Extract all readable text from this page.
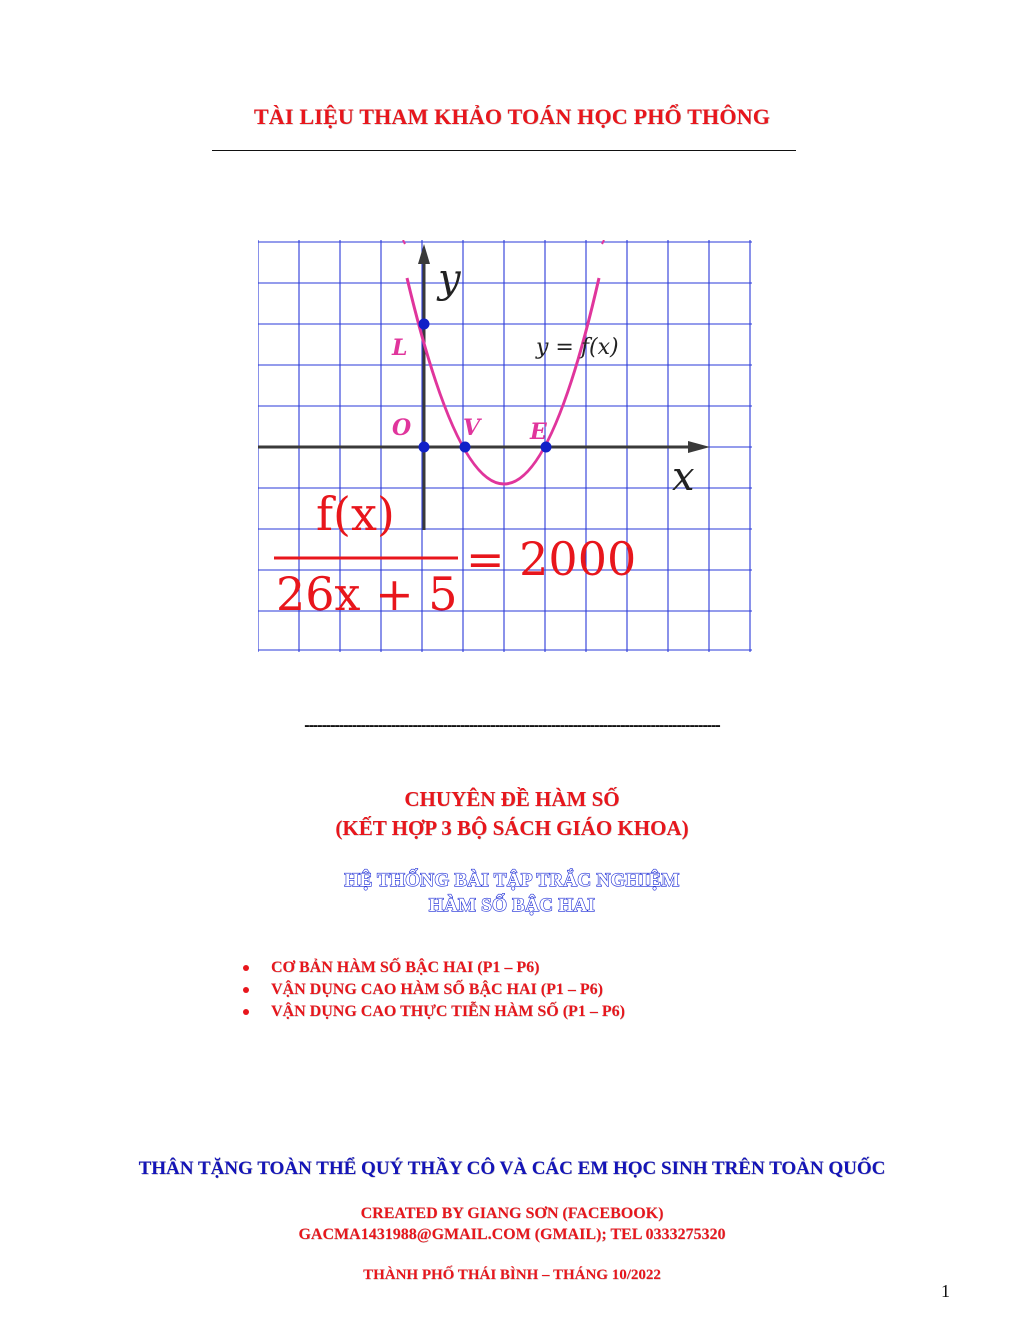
TÀI LIỆU THAM KHẢO TOÁN HỌC PHỔ THÔNG
y
x
L
O V E
y = f(x)
f(x)
26x + 5
= 2000
------------------------------------------------------------------------------------------------
CHUYÊN ĐỀ HÀM SỐ
(KẾT HỢP 3 BỘ SÁCH GIÁO KHOA)
HỆ THỐNG BÀI TẬP TRẮC NGHIỆM
HÀM SỐ BẬC HAI
CƠ BẢN HÀM SỐ BẬC HAI (P1 – P6)
VẬN DỤNG CAO HÀM SỐ BẬC HAI (P1 – P6)
VẬN DỤNG CAO THỰC TIỄN HÀM SỐ (P1 – P6)
THÂN TẶNG TOÀN THỂ QUÝ THẦY CÔ VÀ CÁC EM HỌC SINH TRÊN TOÀN QUỐC
CREATED BY GIANG SƠN (FACEBOOK)
GACMA1431988@GMAIL.COM (GMAIL); TEL 0333275320
THÀNH PHỐ THÁI BÌNH – THÁNG 10/2022
1
